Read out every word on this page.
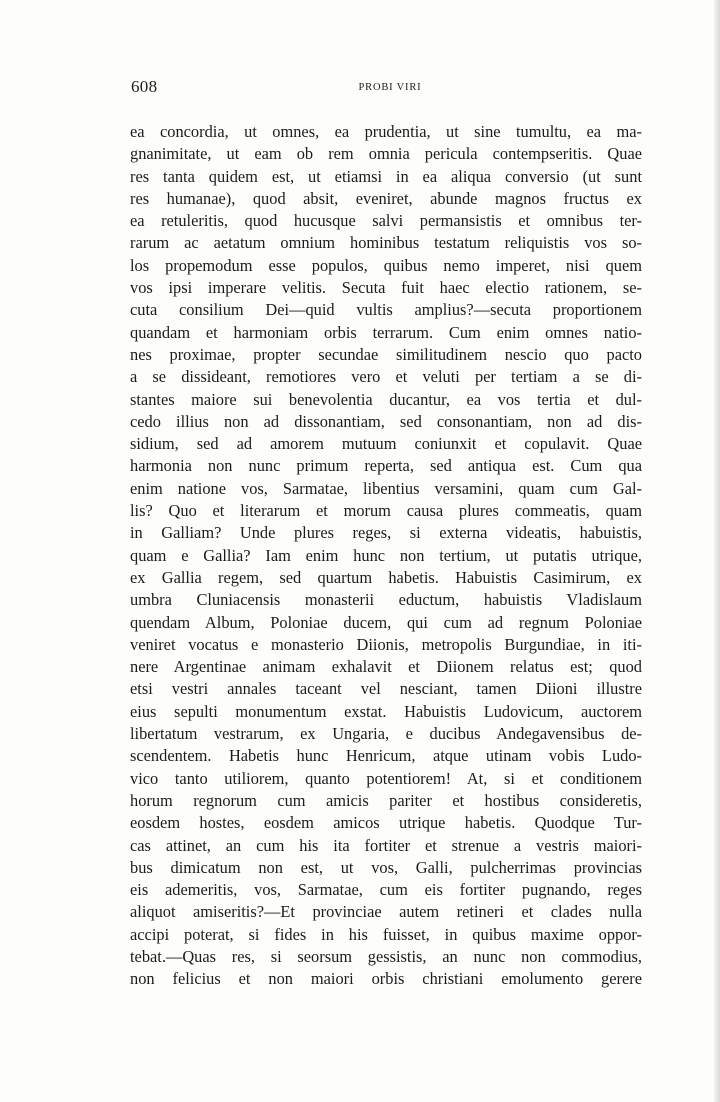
608	PROBI VIRI
ea concordia, ut omnes, ea prudentia, ut sine tumultu, ea ma-
gnanimitate, ut eam ob rem omnia pericula contempseritis. Quae
res tanta quidem est, ut etiamsi in ea aliqua conversio (ut sunt
res humanae), quod absit, eveniret, abunde magnos fructus ex
ea retuleritis, quod hucusque salvi permansistis et omnibus ter-
rarum ac aetatum omnium hominibus testatum reliquistis vos so-
los propemodum esse populos, quibus nemo imperet, nisi quem
vos ipsi imperare velitis. Secuta fuit haec electio rationem, se-
cuta consilium Dei—quid vultis amplius?—secuta proportionem
quandam et harmoniam orbis terrarum. Cum enim omnes natio-
nes proximae, propter secundae similitudinem nescio quo pacto
a se dissideant, remotiores vero et veluti per tertiam a se di-
stantes maiore sui benevolentia ducantur, ea vos tertia et dul-
cedo illius non ad dissonantiam, sed consonantiam, non ad dis-
sidium, sed ad amorem mutuum coniunxit et copulavit. Quae
harmonia non nunc primum reperta, sed antiqua est. Cum qua
enim natione vos, Sarmatae, libentius versamini, quam cum Gal-
lis? Quo et literarum et morum causa plures commeatis, quam
in Galliam? Unde plures reges, si externa videatis, habuistis,
quam e Gallia? Iam enim hunc non tertium, ut putatis utrique,
ex Gallia regem, sed quartum habetis. Habuistis Casimirum, ex
umbra Cluniacensis monasterii eductum, habuistis Vladislaum
quendam Album, Poloniae ducem, qui cum ad regnum Poloniae
veniret vocatus e monasterio Diionis, metropolis Burgundiae, in iti-
nere Argentinae animam exhalavit et Diionem relatus est; quod
etsi vestri annales taceant vel nesciant, tamen Diioni illustre
eius sepulti monumentum exstat. Habuistis Ludovicum, auctorem
libertatum vestrarum, ex Ungaria, e ducibus Andegavensibus de-
scendentem. Habetis hunc Henricum, atque utinam vobis Ludo-
vico tanto utiliorem, quanto potentiorem! At, si et conditionem
horum regnorum cum amicis pariter et hostibus consideretis,
eosdem hostes, eosdem amicos utrique habetis. Quodque Tur-
cas attinet, an cum his ita fortiter et strenue a vestris maiori-
bus dimicatum non est, ut vos, Galli, pulcherrimas provincias
eis ademeritis, vos, Sarmatae, cum eis fortiter pugnando, reges
aliquot amiseritis?—Et provinciae autem retineri et clades nulla
accipi poterat, si fides in his fuisset, in quibus maxime oppor-
tebat.—Quas res, si seorsum gessistis, an nunc non commodius,
non felicius et non maiori orbis christiani emolumento gerere
